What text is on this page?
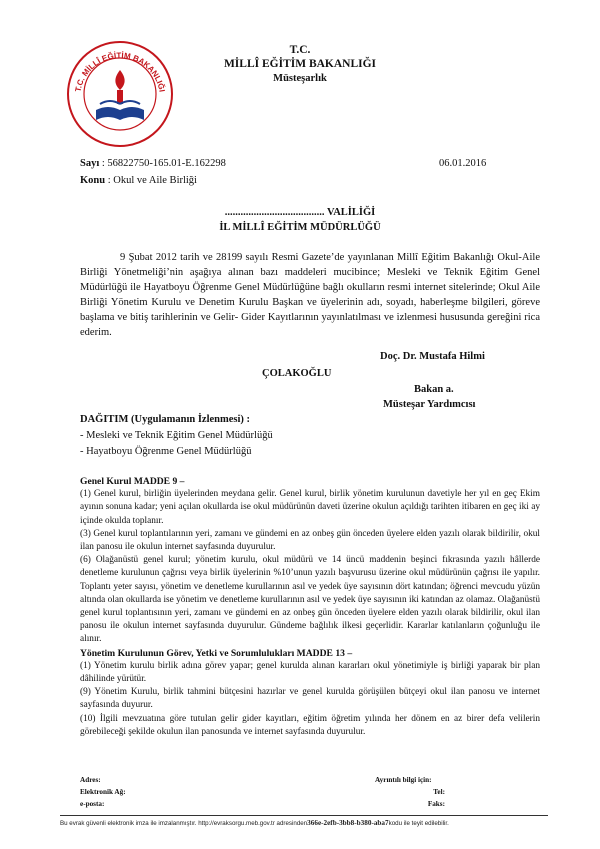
T.C. MİLLÎ EĞİTİM BAKANLIĞI
T.C.
MİLLÎ EĞİTİM BAKANLIĞI
Müsteşarlık
Sayı : 56822750-165.01-E.162298	06.01.2016
Konu : Okul ve Aile Birliği
...................................... VALİLİĞİ
İL MİLLÎ EĞİTİM MÜDÜRLÜĞÜ
9 Şubat 2012 tarih ve 28199 sayılı Resmi Gazete’de yayınlanan Millî Eğitim Bakanlığı Okul-Aile Birliği Yönetmeliği’nin aşağıya alınan bazı maddeleri mucibince; Mesleki ve Teknik Eğitim Genel Müdürlüğü ile Hayatboyu Öğrenme Genel Müdürlüğüne bağlı okulların resmi internet sitelerinde; Okul Aile Birliği Yönetim Kurulu ve Denetim Kurulu Başkan ve üyelerinin adı, soyadı, haberleşme bilgileri, göreve başlama ve bitiş tarihlerinin ve Gelir- Gider Kayıtlarının yayınlatılması ve izlenmesi hususunda gereğini rica ederim.
Doç. Dr. Mustafa Hilmi
ÇOLAKOĞLU
Bakan a.
Müsteşar Yardımcısı
DAĞITIM (Uygulamanın İzlenmesi) :
- Mesleki ve Teknik Eğitim Genel Müdürlüğü
- Hayatboyu Öğrenme Genel Müdürlüğü

Genel Kurul MADDE 9 –

(1) Genel kurul, birliğin üyelerinden meydana gelir. Genel kurul, birlik yönetim kurulunun davetiyle her yıl en geç Ekim ayının sonuna kadar; yeni açılan okullarda ise okul müdürünün daveti üzerine okulun açıldığı tarihten itibaren en geç iki ay içinde okulda toplanır.

(3) Genel kurul toplantılarının yeri, zamanı ve gündemi en az onbeş gün önceden üyelere elden yazılı olarak bildirilir, okul ilan panosu ile okulun internet sayfasında duyurulur.

(6) Olağanüstü genel kurul; yönetim kurulu, okul müdürü ve 14 üncü maddenin beşinci fıkrasında yazılı hâllerde denetleme kurulunun çağrısı veya birlik üyelerinin %10’unun yazılı başvurusu üzerine okul müdürünün çağrısı ile yapılır. Toplantı yeter sayısı, yönetim ve denetleme kurullarının asıl ve yedek üye sayısının dört katından; öğrenci mevcudu yüzün altında olan okullarda ise yönetim ve denetleme kurullarının asıl ve yedek üye sayısının iki katından az olamaz. Olağanüstü genel kurul toplantısının yeri, zamanı ve gündemi en az onbeş gün önceden üyelere elden yazılı olarak bildirilir, okul ilan panosu ile okulun internet sayfasında duyurulur. Gündeme bağlılık ilkesi geçerlidir. Kararlar katılanların çoğunluğu ile alınır.

Yönetim Kurulunun Görev, Yetki ve Sorumlulukları MADDE 13 –

(1) Yönetim kurulu birlik adına görev yapar; genel kurulda alınan kararları okul yönetimiyle iş birliği yaparak bir plan dâhilinde yürütür.

(9) Yönetim Kurulu, birlik tahmini bütçesini hazırlar ve genel kurulda görüşülen bütçeyi okul ilan panosu ve internet sayfasında duyurur.

(10) İlgili mevzuatına göre tutulan gelir gider kayıtları, eğitim öğretim yılında her dönem en az birer defa velilerin görebileceği şekilde okulun ilan panosunda ve internet sayfasında duyurulur.

Adres:
Elektronik Ağ:
e-posta:
Ayrıntılı bilgi için:
Tel:
Faks:
Bu evrak güvenli elektronik imza ile imzalanmıştır. http://evraksorgu.meb.gov.tr adresinden366e-2efb-3bb8-b380-aba7kodu ile teyit edilebilir.
